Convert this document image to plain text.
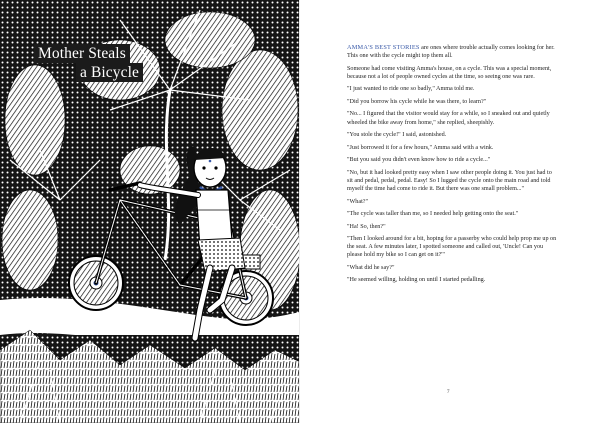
Mother Steals
a Bicycle

AMMA'S BEST STORIES are ones where trouble actually comes looking for her. This one with the cycle might top them all.

Someone had come visiting Amma's house, on a cycle. This was a special moment, because not a lot of people owned cycles at the time, so seeing one was rare.

"I just wanted to ride one so badly," Amma told me.

"Did you borrow his cycle while he was there, to learn?"

"No... I figured that the visitor would stay for a while, so I sneaked out and quietly wheeled the bike away from home," she replied, sheepishly.

"You stole the cycle!" I said, astonished.

"Just borrowed it for a few hours," Amma said with a wink.

"But you said you didn't even know how to ride a cycle..."

"No, but it had looked pretty easy when I saw other people doing it. You just had to sit and pedal, pedal, pedal. Easy! So I lugged the cycle onto the main road and told myself the time had come to ride it. But there was one small problem..."

"What?"

"The cycle was taller than me, so I needed help getting onto the seat."

"Ha! So, then?"

"Then I looked around for a bit, hoping for a passerby who could help prop me up on the seat. A few minutes later, I spotted someone and called out, 'Uncle! Can you please hold my bike so I can get on it?'"

"What did he say?"

"He seemed willing, holding on until I started pedalling.

7
